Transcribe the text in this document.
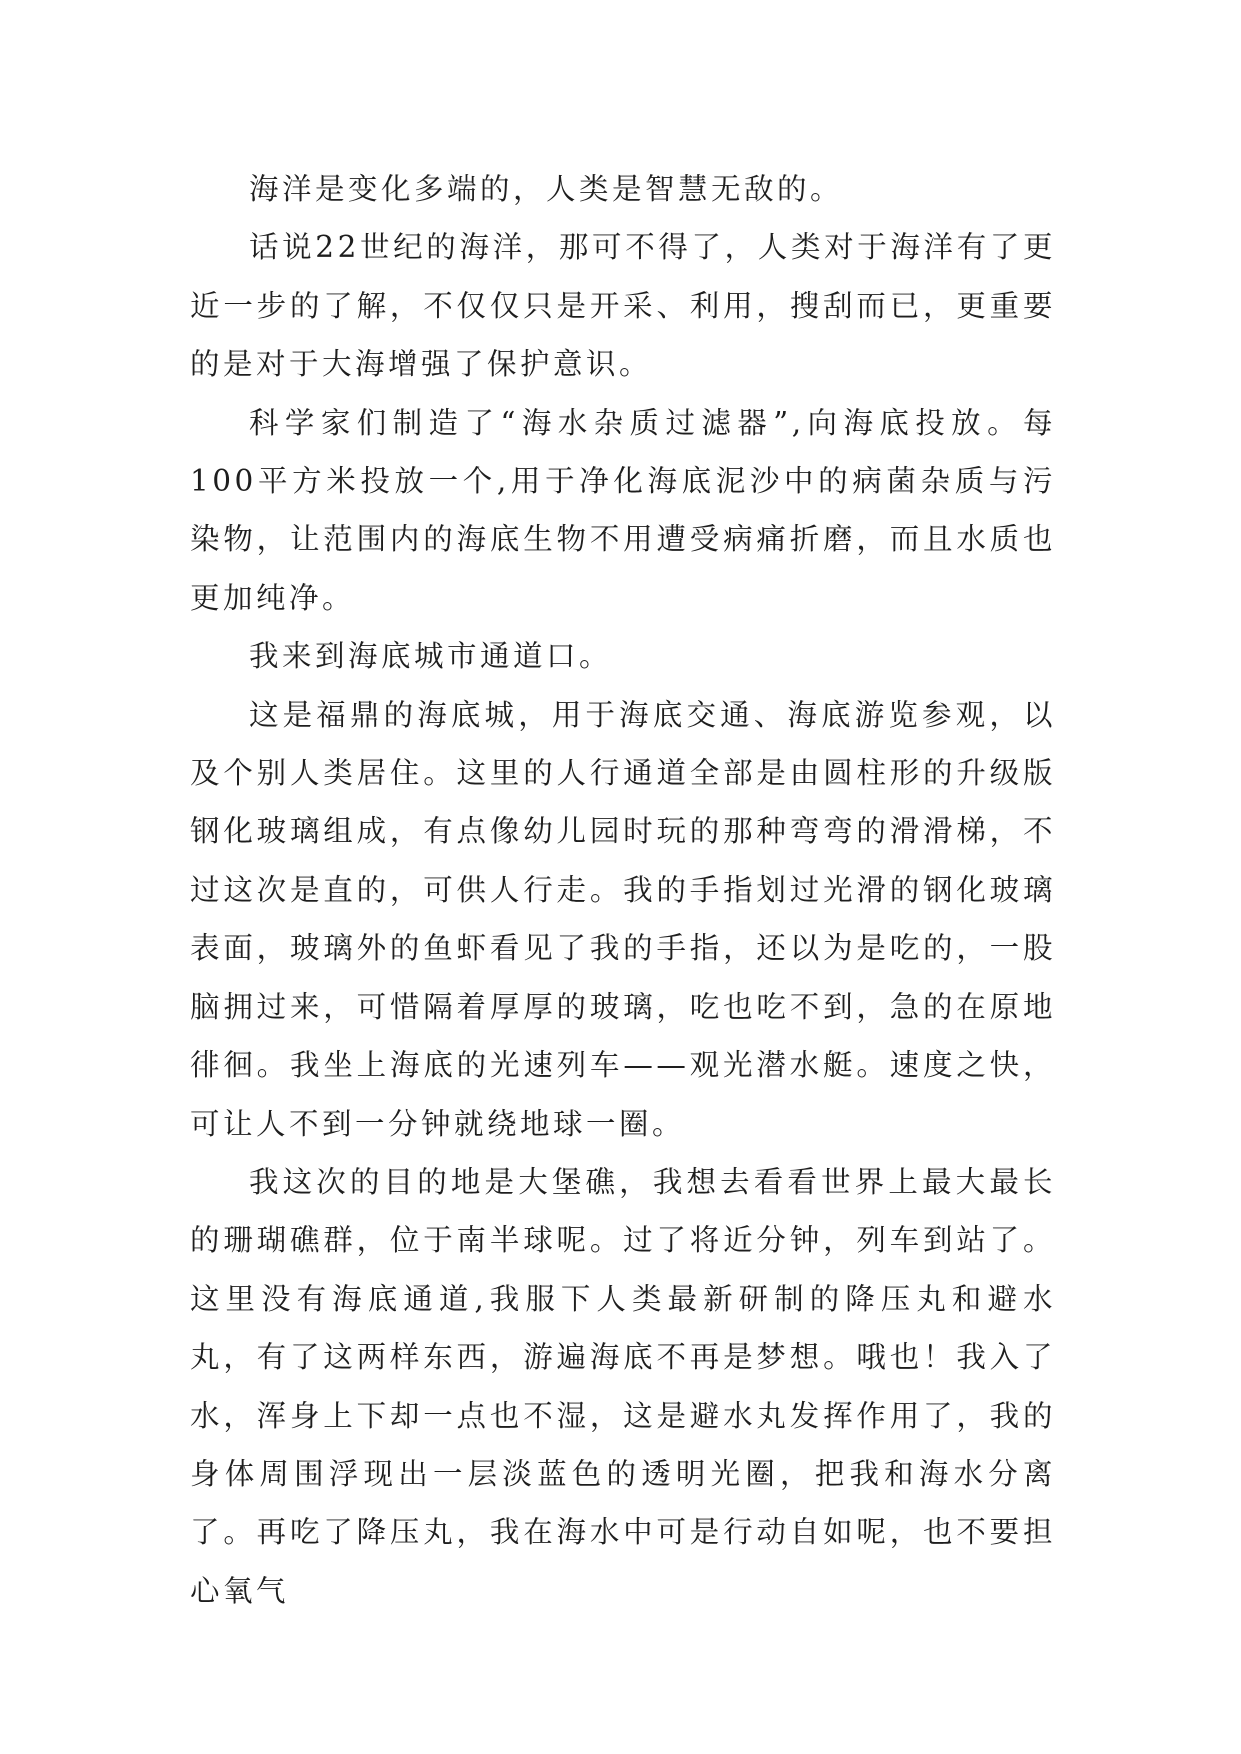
海洋是变化多端的，人类是智慧无敌的。

话说22世纪的海洋，那可不得了，人类对于海洋有了更近一步的了解，不仅仅只是开采、利用，搜刮而已，更重要的是对于大海增强了保护意识。

科学家们制造了“海水杂质过滤器”,向海底投放。每100平方米投放一个,用于净化海底泥沙中的病菌杂质与污染物，让范围内的海底生物不用遭受病痛折磨，而且水质也更加纯净。

我来到海底城市通道口。

这是福鼎的海底城，用于海底交通、海底游览参观，以及个别人类居住。这里的人行通道全部是由圆柱形的升级版钢化玻璃组成，有点像幼儿园时玩的那种弯弯的滑滑梯，不过这次是直的，可供人行走。我的手指划过光滑的钢化玻璃表面，玻璃外的鱼虾看见了我的手指，还以为是吃的，一股脑拥过来，可惜隔着厚厚的玻璃，吃也吃不到，急的在原地徘徊。我坐上海底的光速列车——观光潜水艇。速度之快，可让人不到一分钟就绕地球一圈。

我这次的目的地是大堡礁，我想去看看世界上最大最长的珊瑚礁群，位于南半球呢。过了将近分钟，列车到站了。这里没有海底通道,我服下人类最新研制的降压丸和避水丸，有了这两样东西，游遍海底不再是梦想。哦也！我入了水，浑身上下却一点也不湿，这是避水丸发挥作用了，我的身体周围浮现出一层淡蓝色的透明光圈，把我和海水分离了。再吃了降压丸，我在海水中可是行动自如呢，也不要担心氧气
